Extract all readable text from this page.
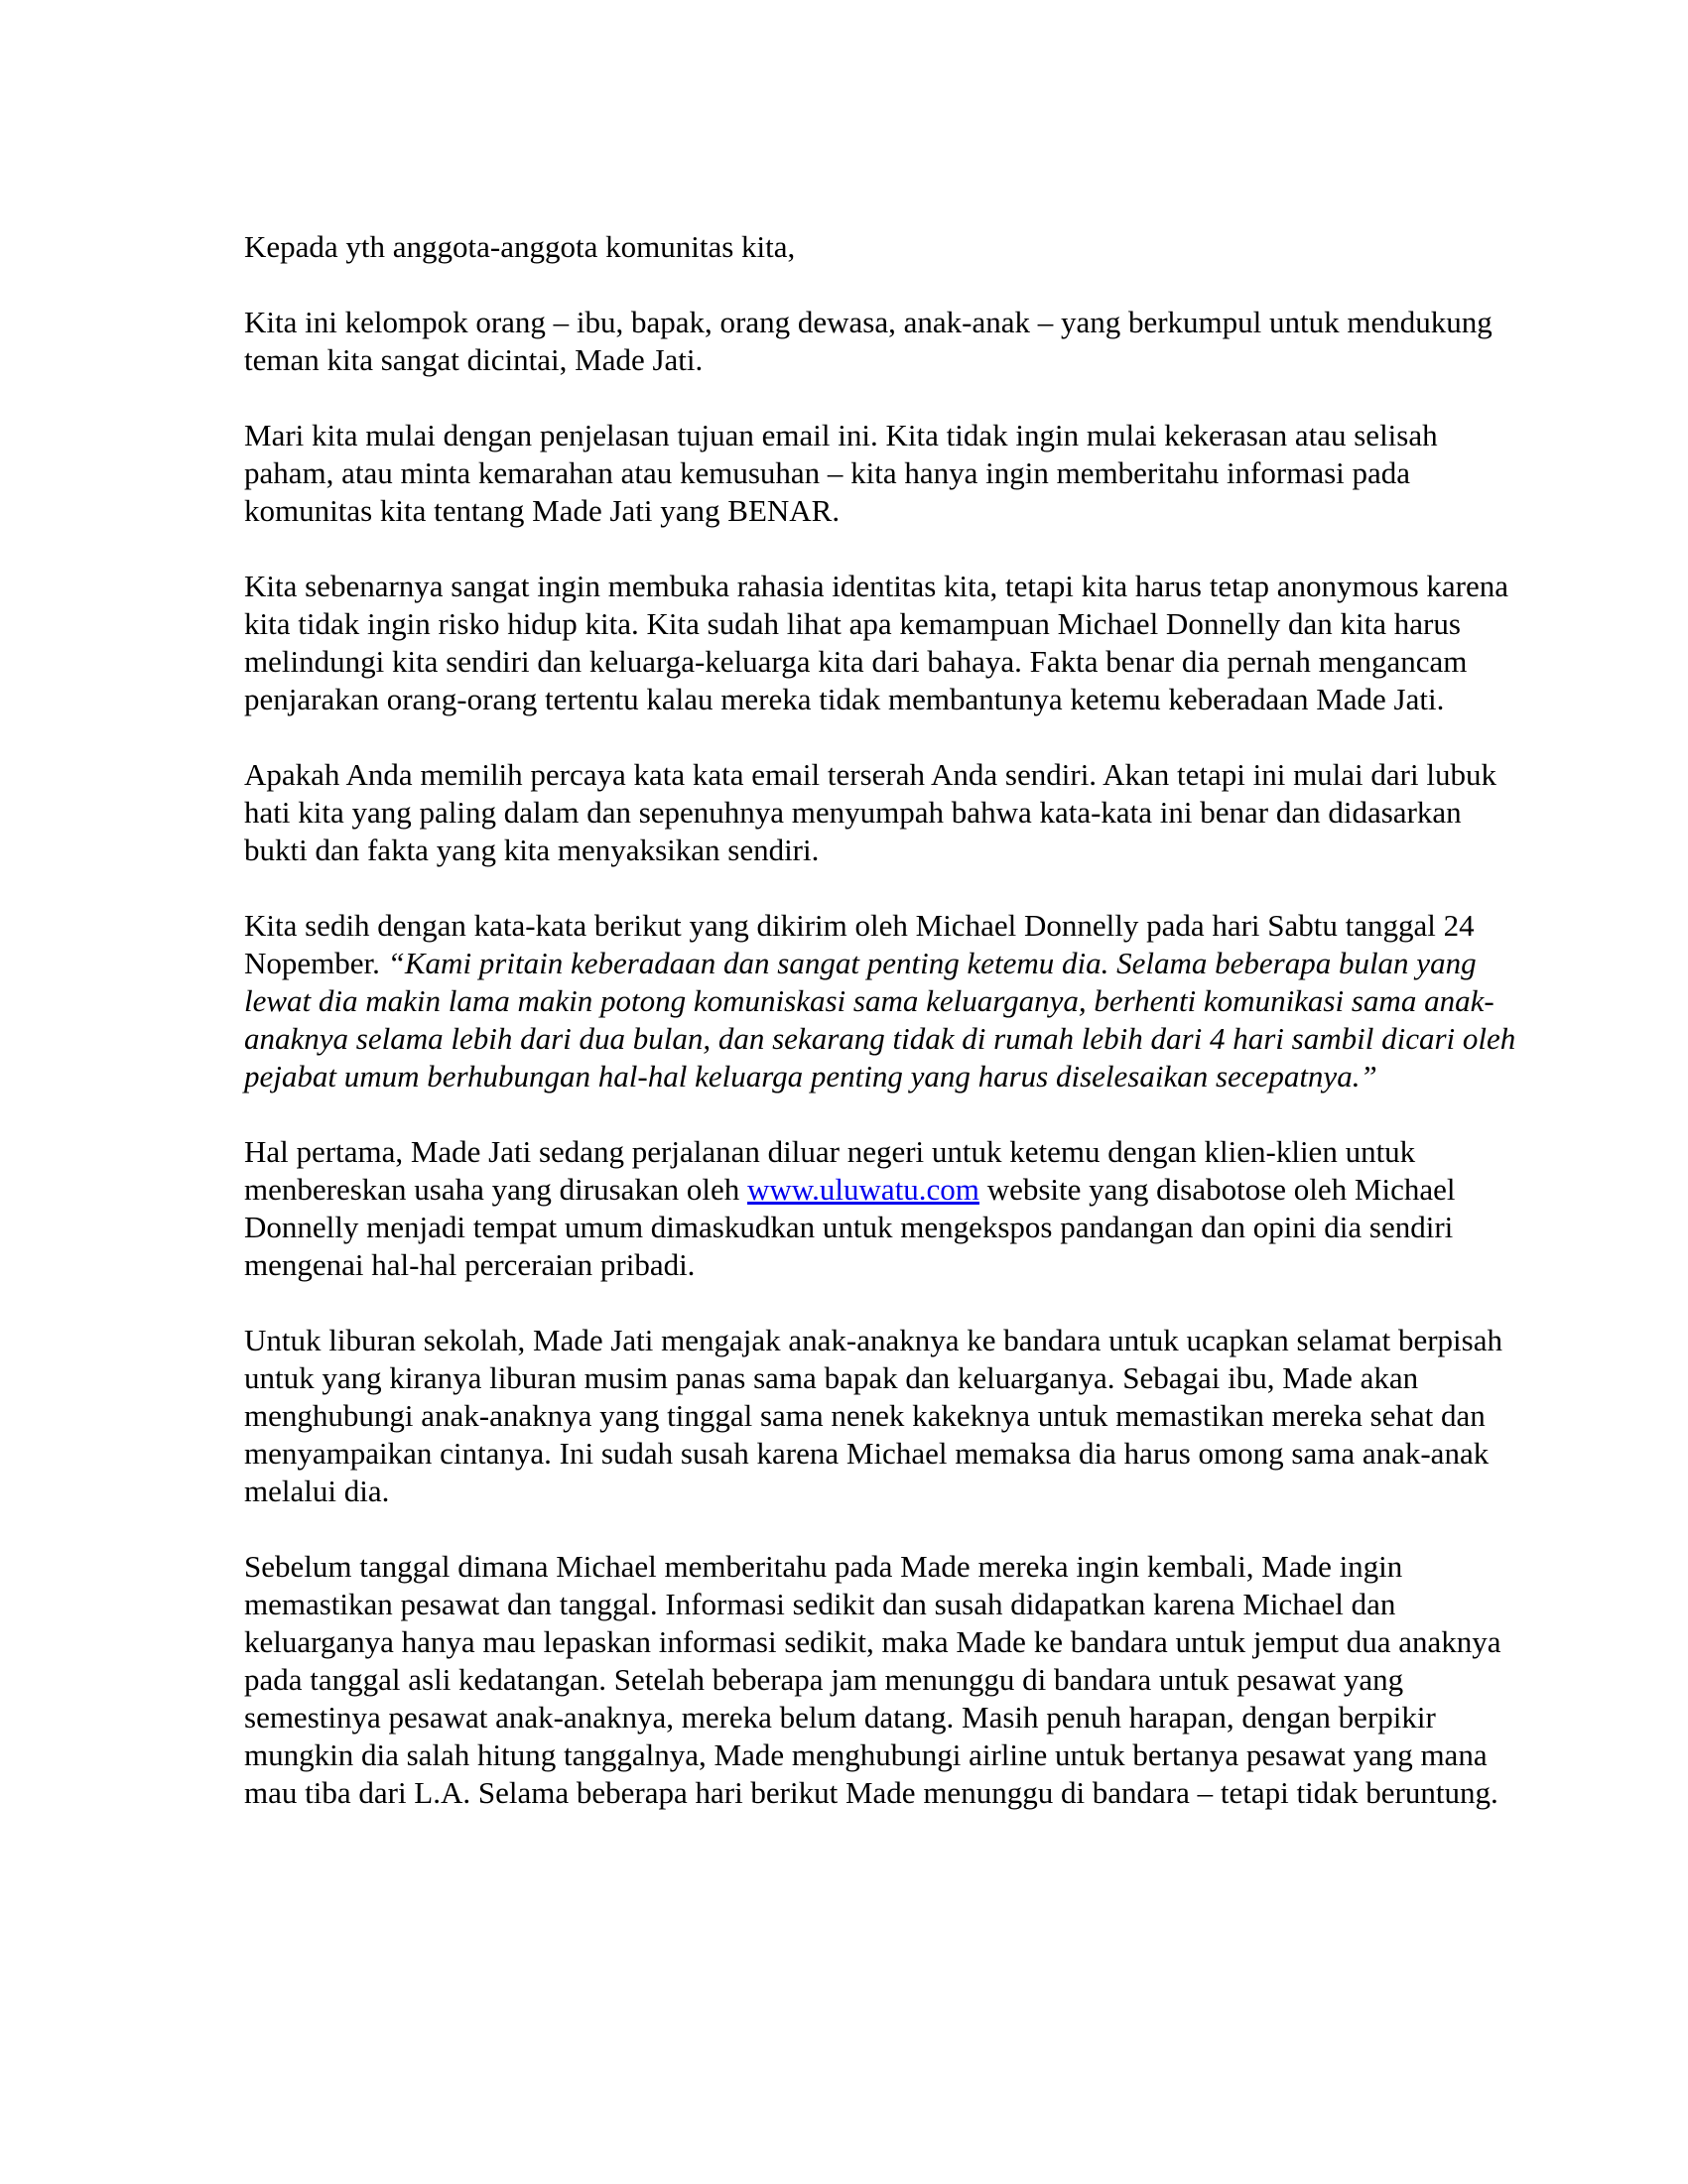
Kepada yth anggota-anggota komunitas kita,

Kita ini kelompok orang – ibu, bapak, orang dewasa, anak-anak – yang berkumpul untuk mendukung teman kita sangat dicintai, Made Jati.

Mari kita mulai dengan penjelasan tujuan email ini. Kita tidak ingin mulai kekerasan atau selisah paham, atau minta kemarahan atau kemusuhan – kita hanya ingin memberitahu informasi pada komunitas kita tentang Made Jati yang BENAR.

Kita sebenarnya sangat ingin membuka rahasia identitas kita, tetapi kita harus tetap anonymous karena kita tidak ingin risko hidup kita. Kita sudah lihat apa kemampuan Michael Donnelly dan kita harus melindungi kita sendiri dan keluarga-keluarga kita dari bahaya. Fakta benar dia pernah mengancam penjarakan orang-orang tertentu kalau mereka tidak membantunya ketemu keberadaan Made Jati.

Apakah Anda memilih percaya kata kata email terserah Anda sendiri. Akan tetapi ini mulai dari lubuk hati kita yang paling dalam dan sepenuhnya menyumpah bahwa kata-kata ini benar dan didasarkan bukti dan fakta yang kita menyaksikan sendiri.

Kita sedih dengan kata-kata berikut yang dikirim oleh Michael Donnelly pada hari Sabtu tanggal 24 Nopember. “Kami pritain keberadaan dan sangat penting ketemu dia. Selama beberapa bulan yang lewat dia makin lama makin potong komuniskasi sama keluarganya, berhenti komunikasi sama anak-anaknya selama lebih dari dua bulan, dan sekarang tidak di rumah lebih dari 4 hari sambil dicari oleh pejabat umum berhubungan hal-hal keluarga penting yang harus diselesaikan secepatnya.”

Hal pertama, Made Jati sedang perjalanan diluar negeri untuk ketemu dengan klien-klien untuk menbereskan usaha yang dirusakan oleh www.uluwatu.com website yang disabotose oleh Michael Donnelly menjadi tempat umum dimaskudkan untuk mengekspos pandangan dan opini dia sendiri mengenai hal-hal perceraian pribadi.

Untuk liburan sekolah, Made Jati mengajak anak-anaknya ke bandara untuk ucapkan selamat berpisah untuk yang kiranya liburan musim panas sama bapak dan keluarganya. Sebagai ibu, Made akan menghubungi anak-anaknya yang tinggal sama nenek kakeknya untuk memastikan mereka sehat dan menyampaikan cintanya. Ini sudah susah karena Michael memaksa dia harus omong sama anak-anak melalui dia.

Sebelum tanggal dimana Michael memberitahu pada Made mereka ingin kembali, Made ingin memastikan pesawat dan tanggal. Informasi sedikit dan susah didapatkan karena Michael dan keluarganya hanya mau lepaskan informasi sedikit, maka Made ke bandara untuk jemput dua anaknya pada tanggal asli kedatangan. Setelah beberapa jam menunggu di bandara untuk pesawat yang semestinya pesawat anak-anaknya, mereka belum datang. Masih penuh harapan, dengan berpikir mungkin dia salah hitung tanggalnya, Made menghubungi airline untuk bertanya pesawat yang mana mau tiba dari L.A. Selama beberapa hari berikut Made menunggu di bandara – tetapi tidak beruntung.
